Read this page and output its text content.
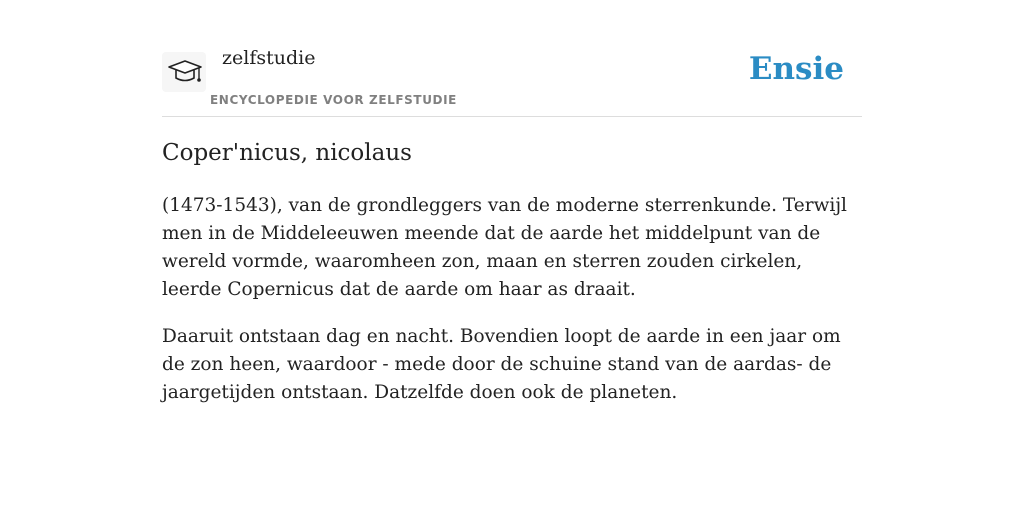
zelfstudie
ENCYCLOPEDIE VOOR ZELFSTUDIE
Ensie
Coper'nicus, nicolaus

(1473-1543), van de grondleggers van de moderne sterrenkunde. Terwijl men in de Middeleeuwen meende dat de aarde het middelpunt van de wereld vormde, waaromheen zon, maan en sterren zouden cirkelen, leerde Copernicus dat de aarde om haar as draait.

Daaruit ontstaan dag en nacht. Bovendien loopt de aarde in een jaar om de zon heen, waardoor - mede door de schuine stand van de aardas- de jaargetijden ontstaan. Datzelfde doen ook de planeten.
